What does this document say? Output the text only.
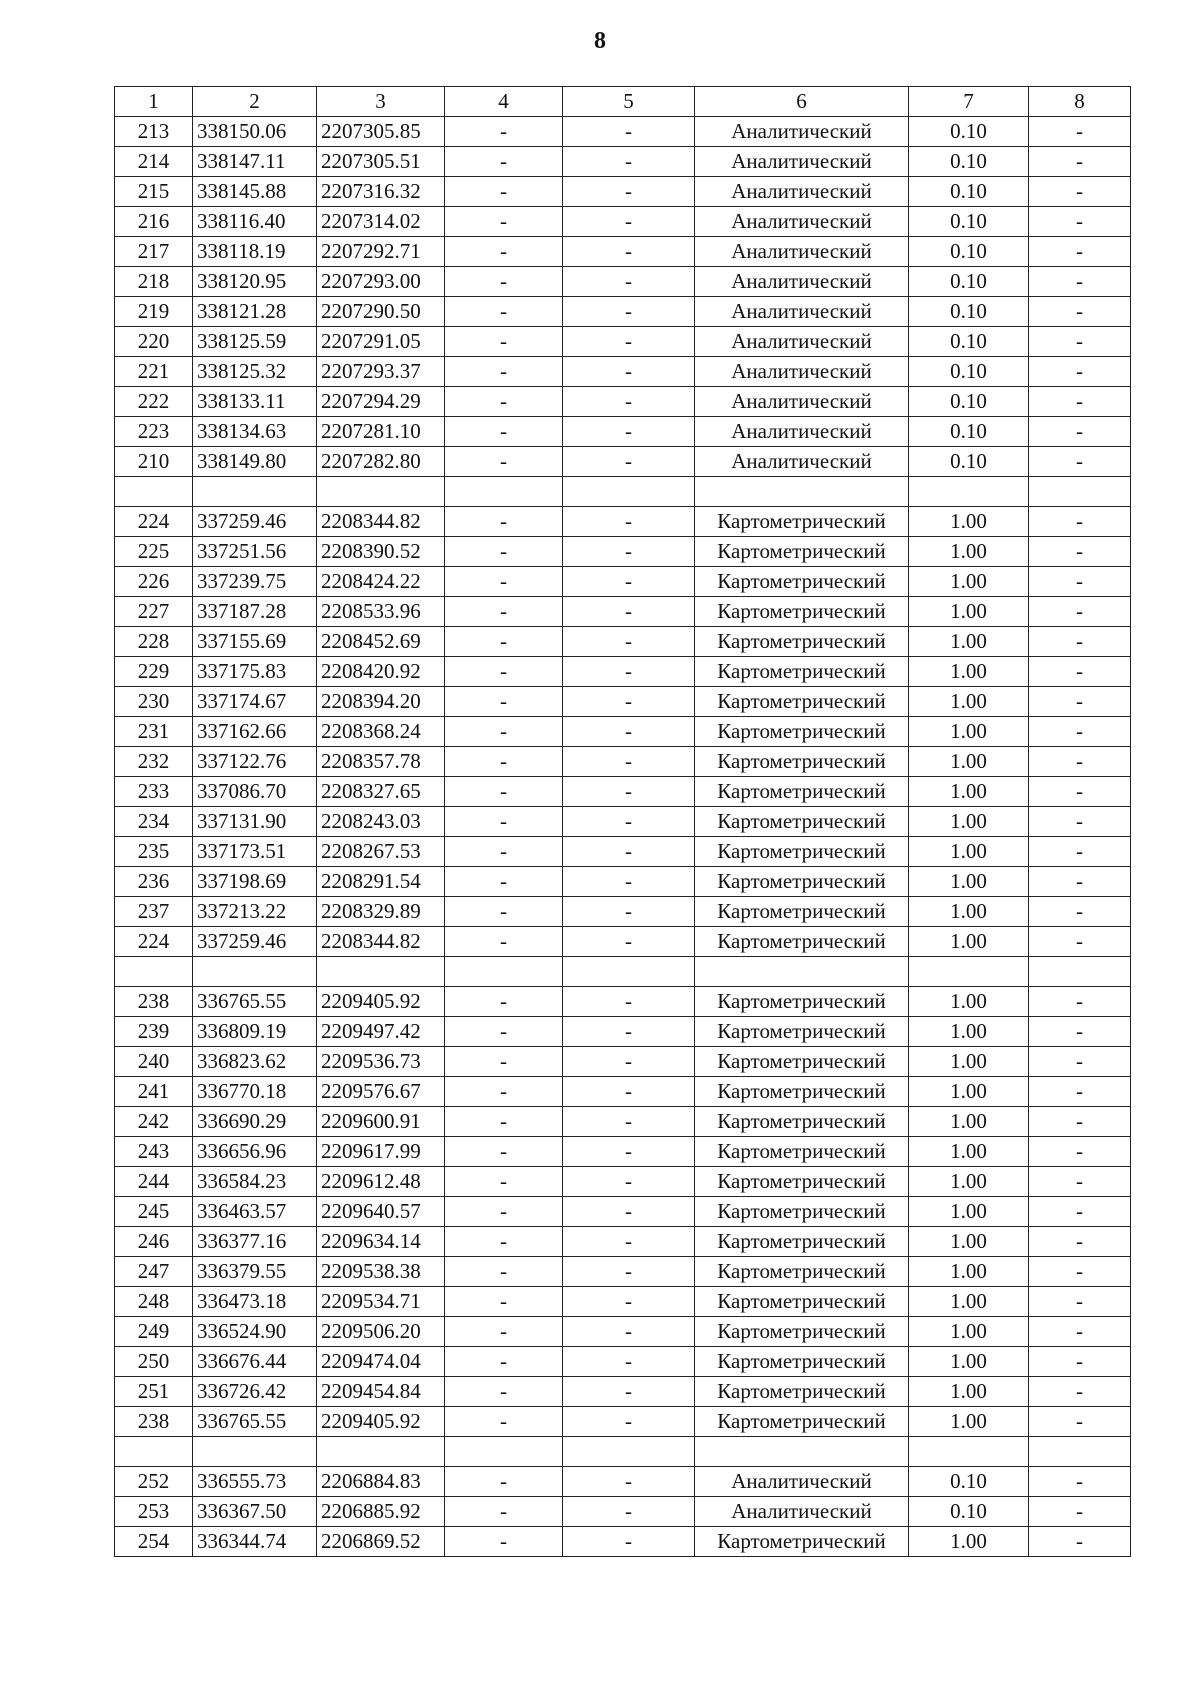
8
1	2	3	4	5	6	7	8
213	338150.06	2207305.85	-	-	Аналитический	0.10	-
214	338147.11	2207305.51	-	-	Аналитический	0.10	-
215	338145.88	2207316.32	-	-	Аналитический	0.10	-
216	338116.40	2207314.02	-	-	Аналитический	0.10	-
217	338118.19	2207292.71	-	-	Аналитический	0.10	-
218	338120.95	2207293.00	-	-	Аналитический	0.10	-
219	338121.28	2207290.50	-	-	Аналитический	0.10	-
220	338125.59	2207291.05	-	-	Аналитический	0.10	-
221	338125.32	2207293.37	-	-	Аналитический	0.10	-
222	338133.11	2207294.29	-	-	Аналитический	0.10	-
223	338134.63	2207281.10	-	-	Аналитический	0.10	-
210	338149.80	2207282.80	-	-	Аналитический	0.10	-

224	337259.46	2208344.82	-	-	Картометрический	1.00	-
225	337251.56	2208390.52	-	-	Картометрический	1.00	-
226	337239.75	2208424.22	-	-	Картометрический	1.00	-
227	337187.28	2208533.96	-	-	Картометрический	1.00	-
228	337155.69	2208452.69	-	-	Картометрический	1.00	-
229	337175.83	2208420.92	-	-	Картометрический	1.00	-
230	337174.67	2208394.20	-	-	Картометрический	1.00	-
231	337162.66	2208368.24	-	-	Картометрический	1.00	-
232	337122.76	2208357.78	-	-	Картометрический	1.00	-
233	337086.70	2208327.65	-	-	Картометрический	1.00	-
234	337131.90	2208243.03	-	-	Картометрический	1.00	-
235	337173.51	2208267.53	-	-	Картометрический	1.00	-
236	337198.69	2208291.54	-	-	Картометрический	1.00	-
237	337213.22	2208329.89	-	-	Картометрический	1.00	-
224	337259.46	2208344.82	-	-	Картометрический	1.00	-

238	336765.55	2209405.92	-	-	Картометрический	1.00	-
239	336809.19	2209497.42	-	-	Картометрический	1.00	-
240	336823.62	2209536.73	-	-	Картометрический	1.00	-
241	336770.18	2209576.67	-	-	Картометрический	1.00	-
242	336690.29	2209600.91	-	-	Картометрический	1.00	-
243	336656.96	2209617.99	-	-	Картометрический	1.00	-
244	336584.23	2209612.48	-	-	Картометрический	1.00	-
245	336463.57	2209640.57	-	-	Картометрический	1.00	-
246	336377.16	2209634.14	-	-	Картометрический	1.00	-
247	336379.55	2209538.38	-	-	Картометрический	1.00	-
248	336473.18	2209534.71	-	-	Картометрический	1.00	-
249	336524.90	2209506.20	-	-	Картометрический	1.00	-
250	336676.44	2209474.04	-	-	Картометрический	1.00	-
251	336726.42	2209454.84	-	-	Картометрический	1.00	-
238	336765.55	2209405.92	-	-	Картометрический	1.00	-

252	336555.73	2206884.83	-	-	Аналитический	0.10	-
253	336367.50	2206885.92	-	-	Аналитический	0.10	-
254	336344.74	2206869.52	-	-	Картометрический	1.00	-
